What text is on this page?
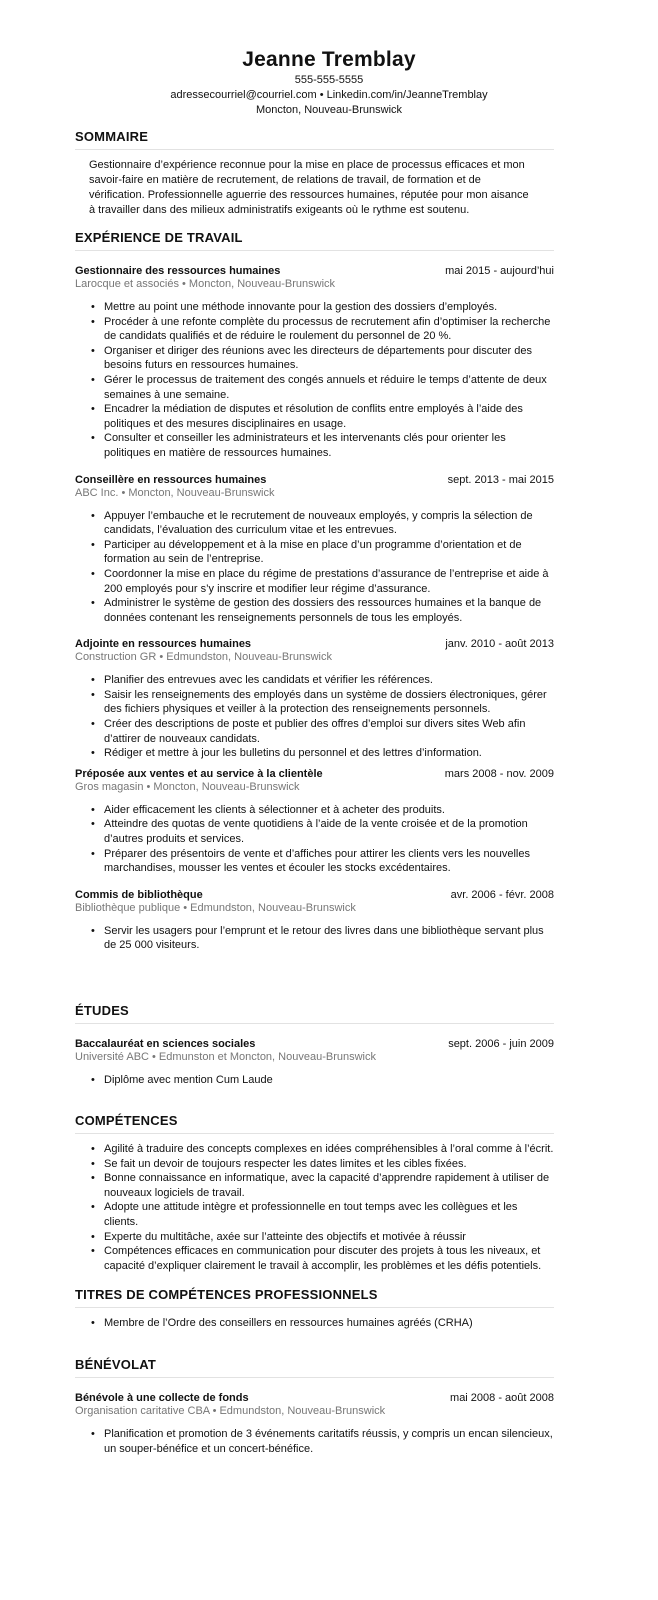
Jeanne Tremblay
555-555-5555
adressecourriel@courriel.com • Linkedin.com/in/JeanneTremblay
Moncton, Nouveau-Brunswick
SOMMAIRE
Gestionnaire d’expérience reconnue pour la mise en place de processus efficaces et mon savoir-faire en matière de recrutement, de relations de travail, de formation et de vérification. Professionnelle aguerrie des ressources humaines, réputée pour mon aisance à travailler dans des milieux administratifs exigeants où le rythme est soutenu.
EXPÉRIENCE DE TRAVAIL
Gestionnaire des ressources humaines	mai 2015 - aujourd’hui
Larocque et associés • Moncton, Nouveau-Brunswick
• Mettre au point une méthode innovante pour la gestion des dossiers d’employés.
• Procéder à une refonte complète du processus de recrutement afin d’optimiser la recherche de candidats qualifiés et de réduire le roulement du personnel de 20 %.
• Organiser et diriger des réunions avec les directeurs de départements pour discuter des besoins futurs en ressources humaines.
• Gérer le processus de traitement des congés annuels et réduire le temps d’attente de deux semaines à une semaine.
• Encadrer la médiation de disputes et résolution de conflits entre employés à l’aide des politiques et des mesures disciplinaires en usage.
• Consulter et conseiller les administrateurs et les intervenants clés pour orienter les politiques en matière de ressources humaines.
Conseillère en ressources humaines	sept. 2013 - mai 2015
ABC Inc. • Moncton, Nouveau-Brunswick
• Appuyer l’embauche et le recrutement de nouveaux employés, y compris la sélection de candidats, l’évaluation des curriculum vitae et les entrevues.
• Participer au développement et à la mise en place d’un programme d’orientation et de formation au sein de l’entreprise.
• Coordonner la mise en place du régime de prestations d’assurance de l’entreprise et aide à 200 employés pour s’y inscrire et modifier leur régime d’assurance.
• Administrer le système de gestion des dossiers des ressources humaines et la banque de données contenant les renseignements personnels de tous les employés.
Adjointe en ressources humaines	janv. 2010 - août 2013
Construction GR • Edmundston, Nouveau-Brunswick
• Planifier des entrevues avec les candidats et vérifier les références.
• Saisir les renseignements des employés dans un système de dossiers électroniques, gérer des fichiers physiques et veiller à la protection des renseignements personnels.
• Créer des descriptions de poste et publier des offres d’emploi sur divers sites Web afin d’attirer de nouveaux candidats.
• Rédiger et mettre à jour les bulletins du personnel et des lettres d’information.
Préposée aux ventes et au service à la clientèle	mars 2008 - nov. 2009
Gros magasin • Moncton, Nouveau-Brunswick
• Aider efficacement les clients à sélectionner et à acheter des produits.
• Atteindre des quotas de vente quotidiens à l’aide de la vente croisée et de la promotion d’autres produits et services.
• Préparer des présentoirs de vente et d’affiches pour attirer les clients vers les nouvelles marchandises, mousser les ventes et écouler les stocks excédentaires.
Commis de bibliothèque	avr. 2006 - févr. 2008
Bibliothèque publique • Edmundston, Nouveau-Brunswick
• Servir les usagers pour l’emprunt et le retour des livres dans une bibliothèque servant plus de 25 000 visiteurs.
ÉTUDES
Baccalauréat en sciences sociales	sept. 2006 - juin 2009
Université ABC • Edmunston et Moncton, Nouveau-Brunswick
• Diplôme avec mention Cum Laude
COMPÉTENCES
• Agilité à traduire des concepts complexes en idées compréhensibles à l’oral comme à l’écrit.
• Se fait un devoir de toujours respecter les dates limites et les cibles fixées.
• Bonne connaissance en informatique, avec la capacité d’apprendre rapidement à utiliser de nouveaux logiciels de travail.
• Adopte une attitude intègre et professionnelle en tout temps avec les collègues et les clients.
• Experte du multitâche, axée sur l’atteinte des objectifs et motivée à réussir
• Compétences efficaces en communication pour discuter des projets à tous les niveaux, et capacité d’expliquer clairement le travail à accomplir, les problèmes et les défis potentiels.
TITRES DE COMPÉTENCES PROFESSIONNELS
• Membre de l’Ordre des conseillers en ressources humaines agréés (CRHA)
BÉNÉVOLAT
Bénévole à une collecte de fonds	mai 2008 - août 2008
Organisation caritative CBA • Edmundston, Nouveau-Brunswick
• Planification et promotion de 3 événements caritatifs réussis, y compris un encan silencieux, un souper-bénéfice et un concert-bénéfice.
